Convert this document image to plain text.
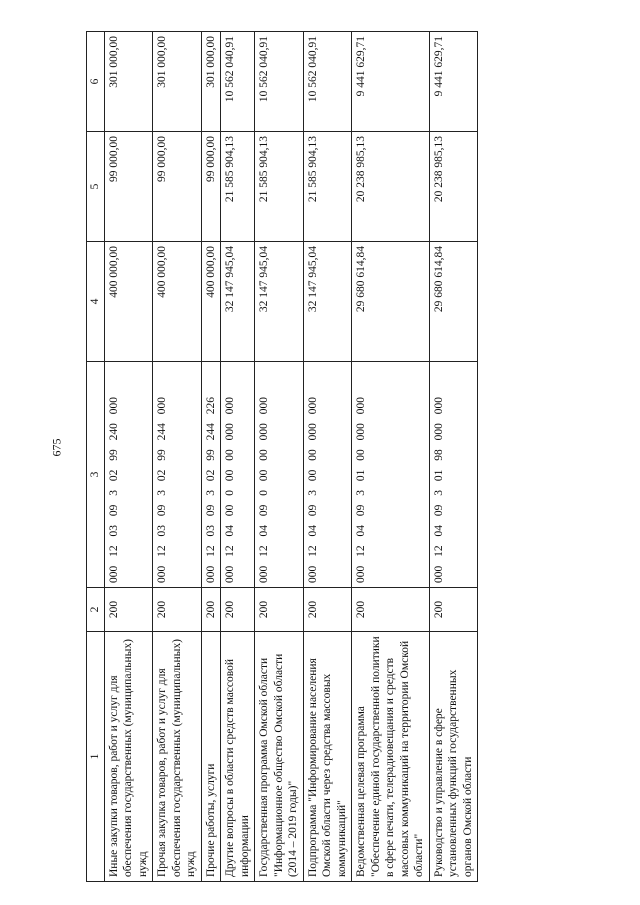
675
1	2	3	4	5	6
Иные закупки товаров, работ и услуг для обеспечения государственных (муниципальных) нужд	200	000 12 03 09 3 02 99 240 000	400 000,00	99 000,00	301 000,00
Прочая закупка товаров, работ и услуг для обеспечения государственных (муниципальных) нужд	200	000 12 03 09 3 02 99 244 000	400 000,00	99 000,00	301 000,00
Прочие работы, услуги	200	000 12 03 09 3 02 99 244 226	400 000,00	99 000,00	301 000,00
Другие вопросы в области средств массовой информации	200	000 12 04 00 0 00 00 000 000	32 147 945,04	21 585 904,13	10 562 040,91
Государственная программа Омской области "Информационное общество Омской области (2014 – 2019 годы)"	200	000 12 04 09 0 00 00 000 000	32 147 945,04	21 585 904,13	10 562 040,91
Подпрограмма "Информирование населения Омской области через средства массовых коммуникаций"	200	000 12 04 09 3 00 00 000 000	32 147 945,04	21 585 904,13	10 562 040,91
Ведомственная целевая программа "Обеспечение единой государственной политики в сфере печати, телерадиовещания и средств массовых коммуникаций на территории Омской области"	200	000 12 04 09 3 01 00 000 000	29 680 614,84	20 238 985,13	9 441 629,71
Руководство и управление в сфере установленных функций государственных органов Омской области	200	000 12 04 09 3 01 98 000 000	29 680 614,84	20 238 985,13	9 441 629,71
